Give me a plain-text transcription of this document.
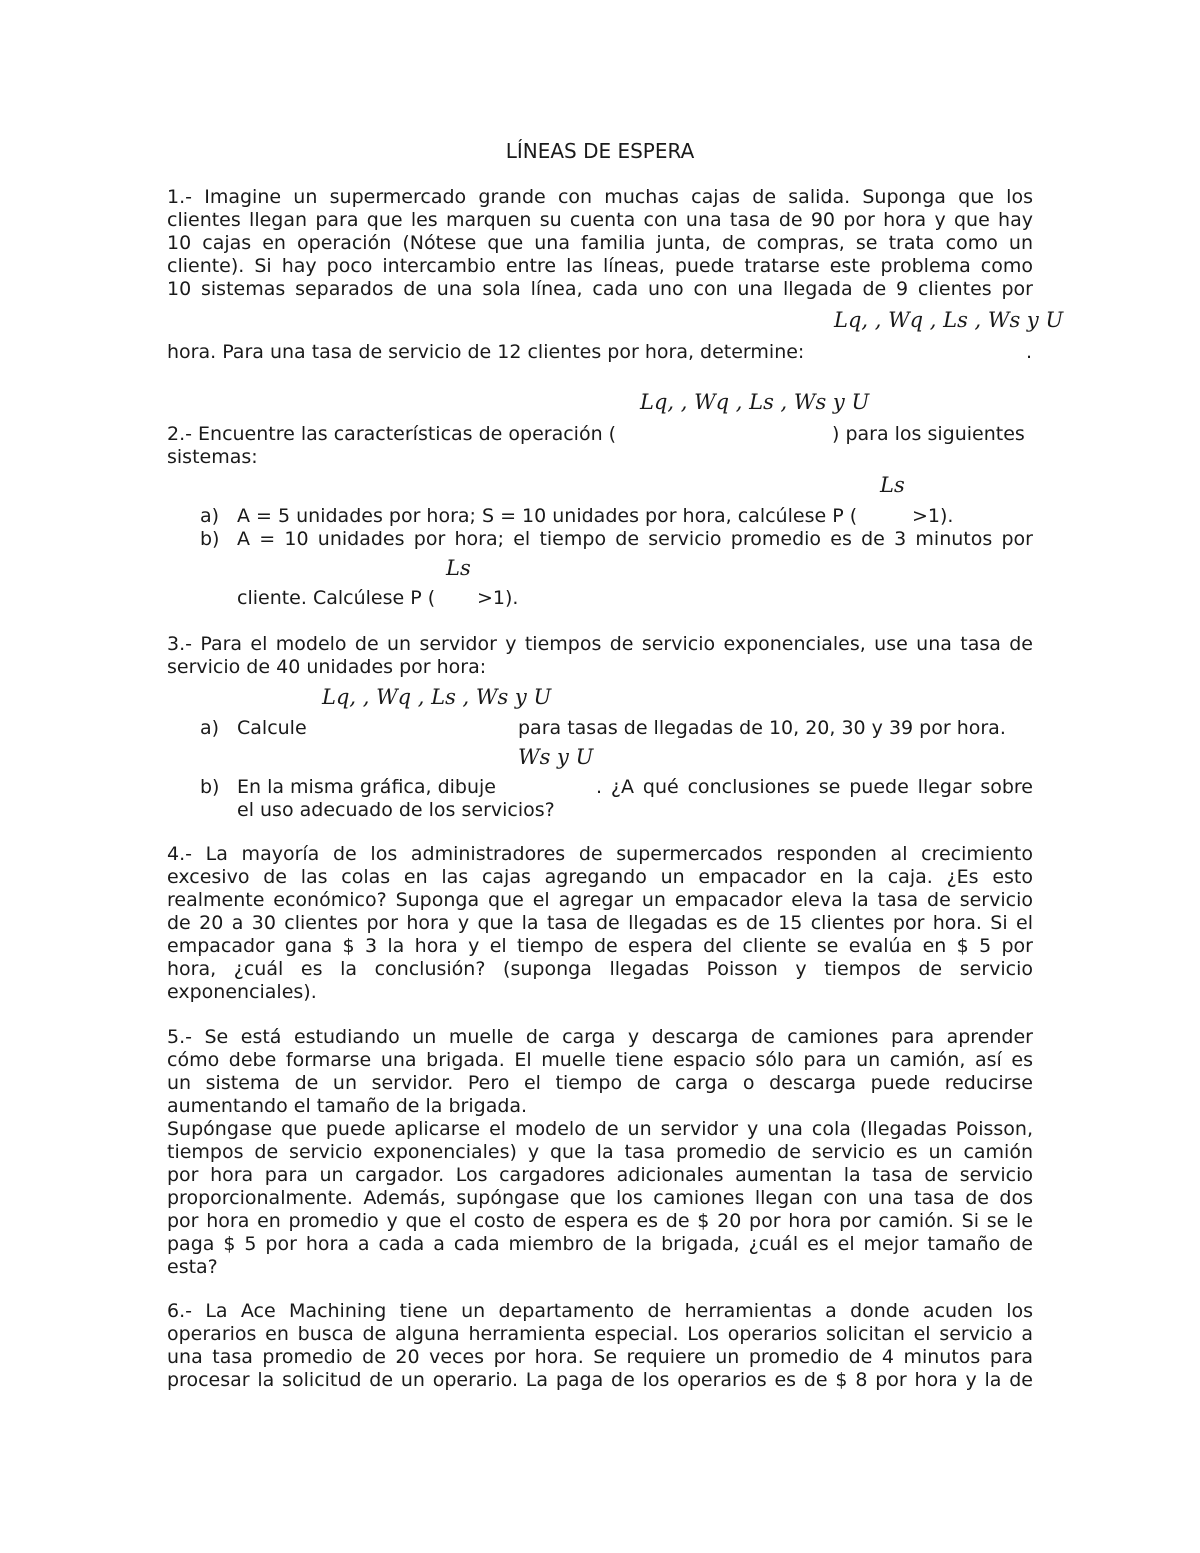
LÍNEAS DE ESPERA
1.- Imagine un supermercado grande con muchas cajas de salida. Suponga que los
clientes llegan para que les marquen su cuenta con una tasa de 90 por hora y que hay
10 cajas en operación (Nótese que una familia junta, de compras, se trata como un
cliente). Si hay poco intercambio entre las líneas, puede tratarse este problema como
10 sistemas separados de una sola línea, cada uno con una llegada de 9 clientes por
Lq, , Wq , Ls , Ws y U
hora. Para una tasa de servicio de 12 clientes por hora, determine:	.
Lq, , Wq , Ls , Ws y U
2.- Encuentre las características de operación (	) para los siguientes
sistemas:
Ls
a) A = 5 unidades por hora; S = 10 unidades por hora, calcúlese P (	>1).
b) A = 10 unidades por hora; el tiempo de servicio promedio es de 3 minutos por
Ls
cliente. Calcúlese P ( >1).
3.- Para el modelo de un servidor y tiempos de servicio exponenciales, use una tasa de
servicio de 40 unidades por hora:
Lq, , Wq , Ls , Ws y U
a) Calcule	para tasas de llegadas de 10, 20, 30 y 39 por hora.
Ws y U
b) En la misma gráfica, dibuje	. ¿A qué conclusiones se puede llegar sobre
el uso adecuado de los servicios?
4.- La mayoría de los administradores de supermercados responden al crecimiento
excesivo de las colas en las cajas agregando un empacador en la caja. ¿Es esto
realmente económico? Suponga que el agregar un empacador eleva la tasa de servicio
de 20 a 30 clientes por hora y que la tasa de llegadas es de 15 clientes por hora. Si el
empacador gana $ 3 la hora y el tiempo de espera del cliente se evalúa en $ 5 por
hora, ¿cuál es la conclusión? (suponga llegadas Poisson y tiempos de servicio
exponenciales).
5.- Se está estudiando un muelle de carga y descarga de camiones para aprender
cómo debe formarse una brigada. El muelle tiene espacio sólo para un camión, así es
un sistema de un servidor. Pero el tiempo de carga o descarga puede reducirse
aumentando el tamaño de la brigada.
Supóngase que puede aplicarse el modelo de un servidor y una cola (llegadas Poisson,
tiempos de servicio exponenciales) y que la tasa promedio de servicio es un camión
por hora para un cargador. Los cargadores adicionales aumentan la tasa de servicio
proporcionalmente. Además, supóngase que los camiones llegan con una tasa de dos
por hora en promedio y que el costo de espera es de $ 20 por hora por camión. Si se le
paga $ 5 por hora a cada a cada miembro de la brigada, ¿cuál es el mejor tamaño de
esta?
6.- La Ace Machining tiene un departamento de herramientas a donde acuden los
operarios en busca de alguna herramienta especial. Los operarios solicitan el servicio a
una tasa promedio de 20 veces por hora. Se requiere un promedio de 4 minutos para
procesar la solicitud de un operario. La paga de los operarios es de $ 8 por hora y la de
